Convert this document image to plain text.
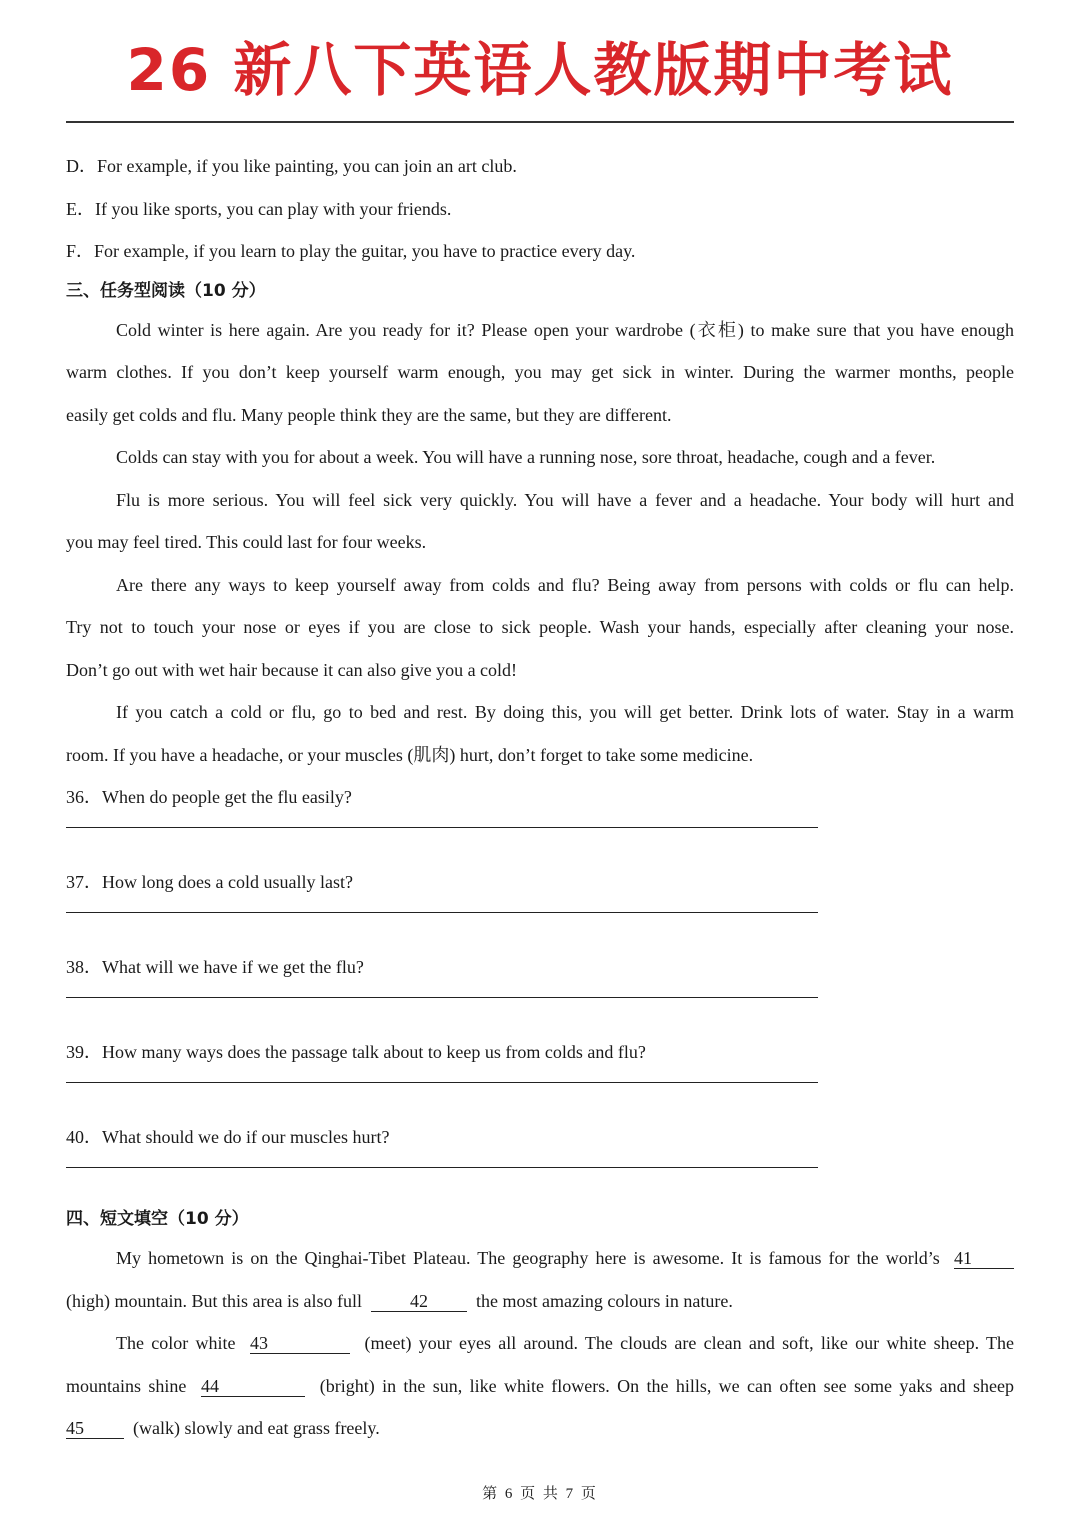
26 新八下英语人教版期中考试
D．For example, if you like painting, you can join an art club.
E．If you like sports, you can play with your friends.
F．For example, if you learn to play the guitar, you have to practice every day.
三、任务型阅读（10 分）
Cold winter is here again. Are you ready for it? Please open your wardrobe (衣柜) to make sure that you have enough
warm clothes. If you don’t keep yourself warm enough, you may get sick in winter. During the warmer months, people
easily get colds and flu. Many people think they are the same, but they are different.
Colds can stay with you for about a week. You will have a running nose, sore throat, headache, cough and a fever.
Flu is more serious. You will feel sick very quickly. You will have a fever and a headache. Your body will hurt and
you may feel tired. This could last for four weeks.
Are there any ways to keep yourself away from colds and flu? Being away from persons with colds or flu can help.
Try not to touch your nose or eyes if you are close to sick people. Wash your hands, especially after cleaning your nose.
Don’t go out with wet hair because it can also give you a cold!
If you catch a cold or flu, go to bed and rest. By doing this, you will get better. Drink lots of water. Stay in a warm
room. If you have a headache, or your muscles (肌肉) hurt, don’t forget to take some medicine.
36．When do people get the flu easily?
37．How long does a cold usually last?
38．What will we have if we get the flu?
39．How many ways does the passage talk about to keep us from colds and flu?
40．What should we do if our muscles hurt?
四、短文填空（10 分）
My hometown is on the Qinghai-Tibet Plateau. The geography here is awesome. It is famous for the world’s 41
(high) mountain. But this area is also full	42	the most amazing colours in nature.
The color white 43	(meet) your eyes all around. The clouds are clean and soft, like our white sheep. The
mountains shine 44	(bright) in the sun, like white flowers. On the hills, we can often see some yaks and sheep
45	(walk) slowly and eat grass freely.
第 6 页 共 7 页
